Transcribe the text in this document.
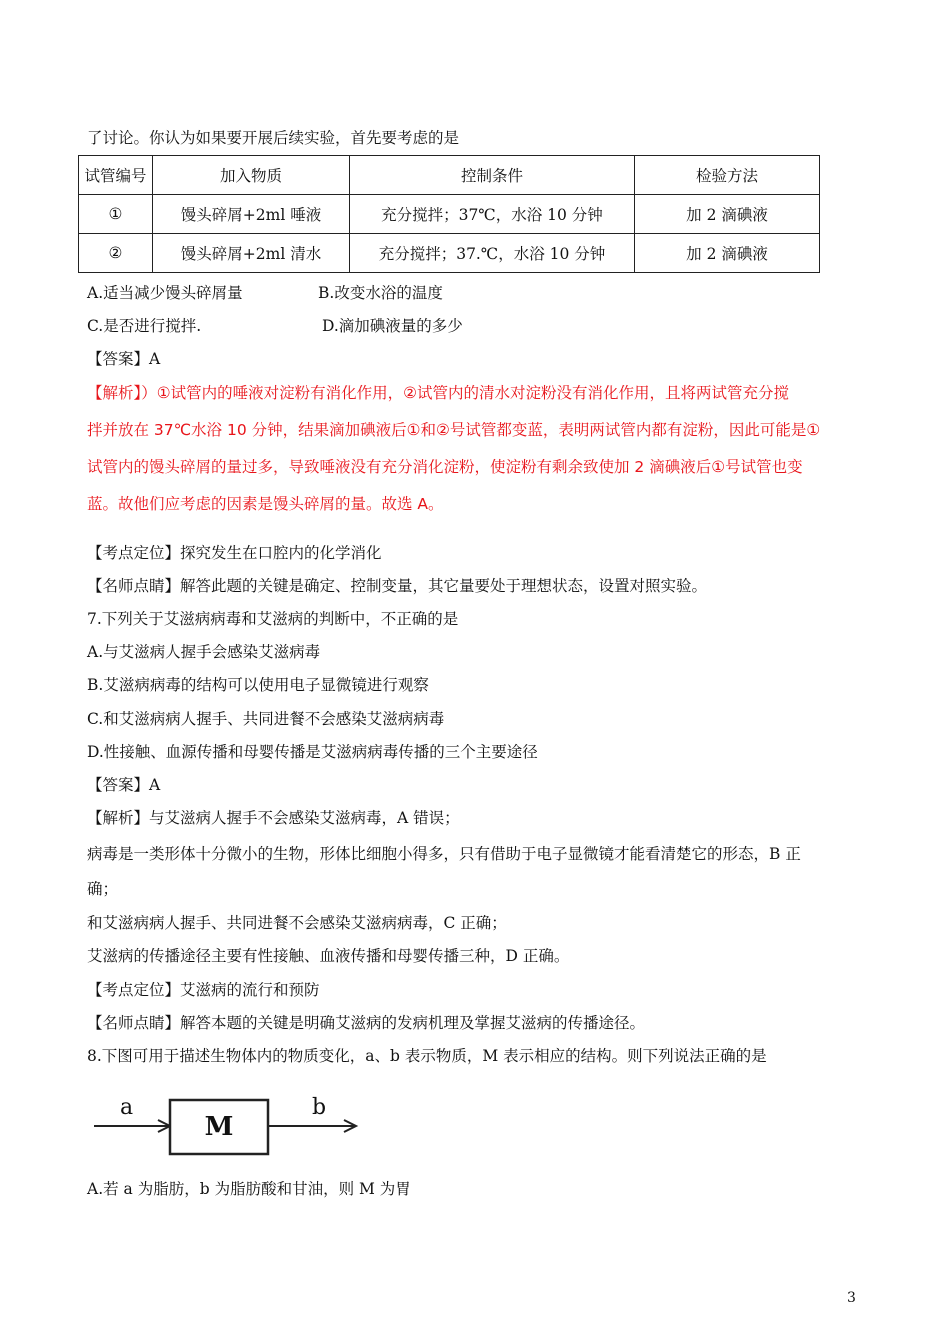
了讨论。你认为如果要开展后续实验，首先要考虑的是
试管编号	加入物质	控制条件	检验方法
①	馒头碎屑+2ml 唾液	充分搅拌；37℃，水浴 10 分钟	加 2 滴碘液
②	馒头碎屑+2ml 清水	充分搅拌；37.℃，水浴 10 分钟	加 2 滴碘液
A.适当减少馒头碎屑量	B.改变水浴的温度
C.是否进行搅拌.	D.滴加碘液量的多少
【答案】A
【解析】）①试管内的唾液对淀粉有消化作用，②试管内的清水对淀粉没有消化作用，且将两试管充分搅
拌并放在 37℃水浴 10 分钟，结果滴加碘液后①和②号试管都变蓝，表明两试管内都有淀粉，因此可能是①
试管内的馒头碎屑的量过多，导致唾液没有充分消化淀粉，使淀粉有剩余致使加 2 滴碘液后①号试管也变
蓝。故他们应考虑的因素是馒头碎屑的量。故选 A。
【考点定位】探究发生在口腔内的化学消化
【名师点睛】解答此题的关键是确定、控制变量，其它量要处于理想状态，设置对照实验。
7.下列关于艾滋病病毒和艾滋病的判断中，不正确的是
A.与艾滋病人握手会感染艾滋病毒
B.艾滋病病毒的结构可以使用电子显微镜进行观察
C.和艾滋病病人握手、共同进餐不会感染艾滋病病毒
D.性接触、血源传播和母婴传播是艾滋病病毒传播的三个主要途径
【答案】A
【解析】与艾滋病人握手不会感染艾滋病毒，A 错误；
病毒是一类形体十分微小的生物，形体比细胞小得多，只有借助于电子显微镜才能看清楚它的形态，B 正
确；
和艾滋病病人握手、共同进餐不会感染艾滋病病毒，C 正确；
艾滋病的传播途径主要有性接触、血液传播和母婴传播三种，D 正确。
【考点定位】艾滋病的流行和预防
【名师点睛】解答本题的关键是明确艾滋病的发病机理及掌握艾滋病的传播途径。
8.下图可用于描述生物体内的物质变化，a、b 表示物质，M 表示相应的结构。则下列说法正确的是
a
M
b
A.若 a 为脂肪，b 为脂肪酸和甘油，则 M 为胃
3
